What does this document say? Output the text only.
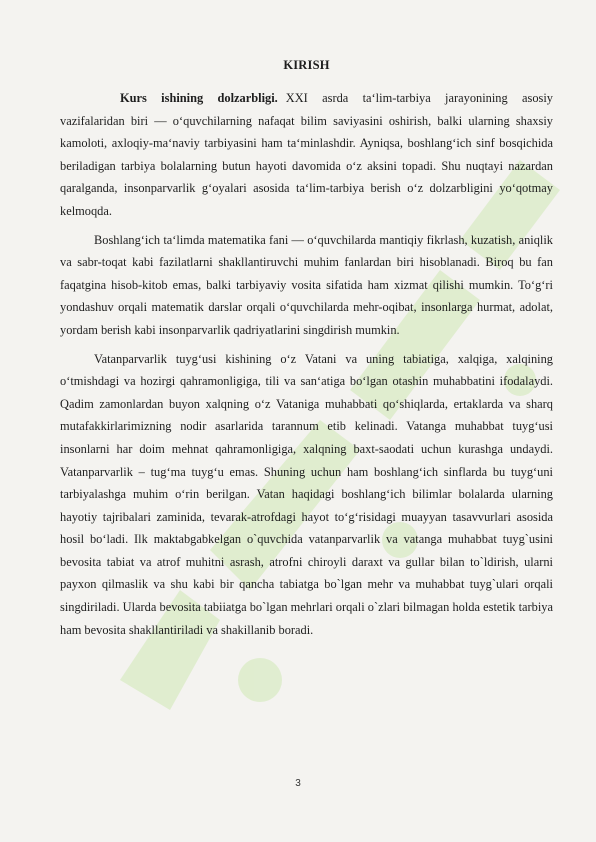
KIRISH

Kurs ishining dolzarbligi. XXI asrda ta‘lim-tarbiya jarayonining asosiy vazifalaridan biri — o‘quvchilarning nafaqat bilim saviyasini oshirish, balki ularning shaxsiy kamoloti, axloqiy-ma‘naviy tarbiyasini ham ta‘minlashdir. Ayniqsa, boshlang‘ich sinf bosqichida beriladigan tarbiya bolalarning butun hayoti davomida o‘z aksini topadi. Shu nuqtayi nazardan qaralganda, insonparvarlik g‘oyalari asosida ta‘lim-tarbiya berish o‘z dolzarbligini yo‘qotmay kelmoqda.

Boshlang‘ich ta‘limda matematika fani — o‘quvchilarda mantiqiy fikrlash, kuzatish, aniqlik va sabr-toqat kabi fazilatlarni shakllantiruvchi muhim fanlardan biri hisoblanadi. Biroq bu fan faqatgina hisob-kitob emas, balki tarbiyaviy vosita sifatida ham xizmat qilishi mumkin. To‘g‘ri yondashuv orqali matematik darslar orqali o‘quvchilarda mehr-oqibat, insonlarga hurmat, adolat, yordam berish kabi insonparvarlik qadriyatlarini singdirish mumkin.

Vatanparvarlik tuyg‘usi kishining o‘z Vatani va uning tabiatiga, xalqiga, xalqining o‘tmishdagi va hozirgi qahramonligiga, tili va san‘atiga bo‘lgan otashin muhabbatini ifodalaydi. Qadim zamonlardan buyon xalqning o‘z Vataniga muhabbati qo‘shiqlarda, ertaklarda va sharq mutafakkirlarimizning nodir asarlarida tarannum etib kelinadi. Vatanga muhabbat tuyg‘usi insonlarni har doim mehnat qahramonligiga, xalqning baxt-saodati uchun kurashga undaydi. Vatanparvarlik – tug‘ma tuyg‘u emas. Shuning uchun ham boshlang‘ich sinflarda bu tuyg‘uni tarbiyalashga muhim o‘rin berilgan. Vatan haqidagi boshlang‘ich bilimlar bolalarda ularning hayotiy tajribalari zaminida, tevarak-atrofdagi hayot to‘g‘risidagi muayyan tasavvurlari asosida hosil bo‘ladi. Ilk maktabgabkelgan o`quvchida vatanparvarlik va vatanga muhabbat tuyg`usini bevosita tabiat va atrof muhitni asrash, atrofni chiroyli daraxt va gullar bilan to`ldirish, ularni payxon qilmaslik va shu kabi bir qancha tabiatga bo`lgan mehr va muhabbat tuyg`ulari orqali singdiriladi. Ularda bevosita tabiiatga bo`lgan mehrlari orqali o`zlari bilmagan holda estetik tarbiya ham bevosita shakllantiriladi va shakillanib boradi.

3
